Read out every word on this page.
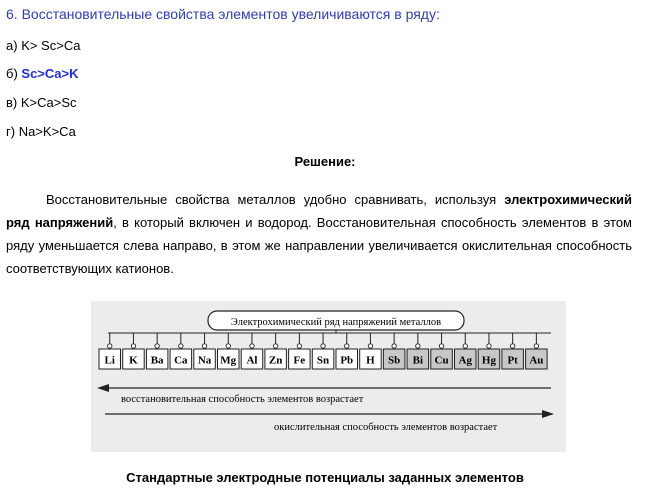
6. Восстановительные свойства элементов увеличиваются в ряду:
а) K> Sc>Ca
б) Sc>Ca>K
в) K>Ca>Sc
г) Na>K>Ca
Решение:
Восстановительные свойства металлов удобно сравнивать, используя электрохимический ряд напряжений, в который включен и водород. Восстановительная способность элементов в этом ряду уменьшается слева направо, в этом же направлении увеличивается окислительная способность соответствующих катионов.
Электрохимический ряд напряжений металлов
Li K Ba Ca Na Mg Al Zn Fe Sn Pb H Sb Bi Cu Ag Hg Pt Au
восстановительная способность элементов возрастает
окислительная способность элементов возрастает
Стандартные электродные потенциалы заданных элементов
